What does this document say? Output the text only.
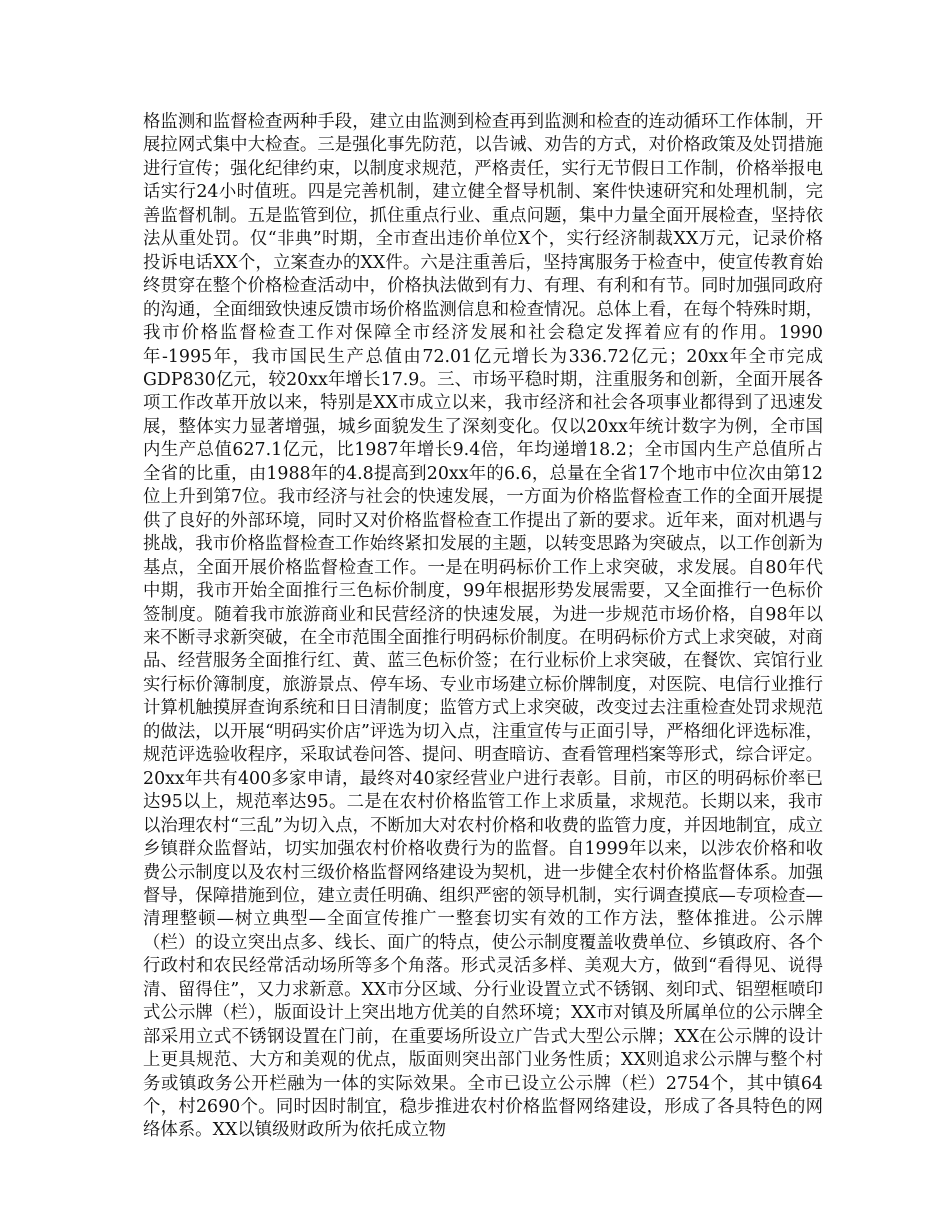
格监测和监督检查两种手段，建立由监测到检查再到监测和检查的连动循环工作体制，开展拉网式集中大检查。三是强化事先防范，以告诫、劝告的方式，对价格政策及处罚措施进行宣传；强化纪律约束，以制度求规范，严格责任，实行无节假日工作制，价格举报电话实行24小时值班。四是完善机制，建立健全督导机制、案件快速研究和处理机制，完善监督机制。五是监管到位，抓住重点行业、重点问题，集中力量全面开展检查，坚持依法从重处罚。仅“非典”时期，全市查出违价单位X个，实行经济制裁XX万元，记录价格投诉电话XX个，立案查办的XX件。六是注重善后，坚持寓服务于检查中，使宣传教育始终贯穿在整个价格检查活动中，价格执法做到有力、有理、有利和有节。同时加强同政府的沟通，全面细致快速反馈市场价格监测信息和检查情况。总体上看，在每个特殊时期，我市价格监督检查工作对保障全市经济发展和社会稳定发挥着应有的作用。1990年-1995年，我市国民生产总值由72.01亿元增长为336.72亿元；20xx年全市完成GDP830亿元，较20xx年增长17.9。三、市场平稳时期，注重服务和创新，全面开展各项工作改革开放以来，特别是XX市成立以来，我市经济和社会各项事业都得到了迅速发展，整体实力显著增强，城乡面貌发生了深刻变化。仅以20xx年统计数字为例，全市国内生产总值627.1亿元，比1987年增长9.4倍，年均递增18.2；全市国内生产总值所占全省的比重，由1988年的4.8提高到20xx年的6.6，总量在全省17个地市中位次由第12位上升到第7位。我市经济与社会的快速发展，一方面为价格监督检查工作的全面开展提供了良好的外部环境，同时又对价格监督检查工作提出了新的要求。近年来，面对机遇与挑战，我市价格监督检查工作始终紧扣发展的主题，以转变思路为突破点，以工作创新为基点，全面开展价格监督检查工作。一是在明码标价工作上求突破，求发展。自80年代中期，我市开始全面推行三色标价制度，99年根据形势发展需要，又全面推行一色标价签制度。随着我市旅游商业和民营经济的快速发展，为进一步规范市场价格，自98年以来不断寻求新突破，在全市范围全面推行明码标价制度。在明码标价方式上求突破，对商品、经营服务全面推行红、黄、蓝三色标价签；在行业标价上求突破，在餐饮、宾馆行业实行标价簿制度，旅游景点、停车场、专业市场建立标价牌制度，对医院、电信行业推行计算机触摸屏查询系统和日日清制度；监管方式上求突破，改变过去注重检查处罚求规范的做法，以开展“明码实价店”评选为切入点，注重宣传与正面引导，严格细化评选标准，规范评选验收程序，采取试卷问答、提问、明查暗访、查看管理档案等形式，综合评定。20xx年共有400多家申请，最终对40家经营业户进行表彰。目前，市区的明码标价率已达95以上，规范率达95。二是在农村价格监管工作上求质量，求规范。长期以来，我市以治理农村“三乱”为切入点，不断加大对农村价格和收费的监管力度，并因地制宜，成立乡镇群众监督站，切实加强农村价格收费行为的监督。自1999年以来，以涉农价格和收费公示制度以及农村三级价格监督网络建设为契机，进一步健全农村价格监督体系。加强督导，保障措施到位，建立责任明确、组织严密的领导机制，实行调查摸底—专项检查—清理整顿—树立典型—全面宣传推广一整套切实有效的工作方法，整体推进。公示牌（栏）的设立突出点多、线长、面广的特点，使公示制度覆盖收费单位、乡镇政府、各个行政村和农民经常活动场所等多个角落。形式灵活多样、美观大方，做到“看得见、说得清、留得住”，又力求新意。XX市分区域、分行业设置立式不锈钢、刻印式、铝塑框喷印式公示牌（栏），版面设计上突出地方优美的自然环境；XX市对镇及所属单位的公示牌全部采用立式不锈钢设置在门前，在重要场所设立广告式大型公示牌；XX在公示牌的设计上更具规范、大方和美观的优点，版面则突出部门业务性质；XX则追求公示牌与整个村务或镇政务公开栏融为一体的实际效果。全市已设立公示牌（栏）2754个，其中镇64个，村2690个。同时因时制宜，稳步推进农村价格监督网络建设，形成了各具特色的网络体系。XX以镇级财政所为依托成立物
